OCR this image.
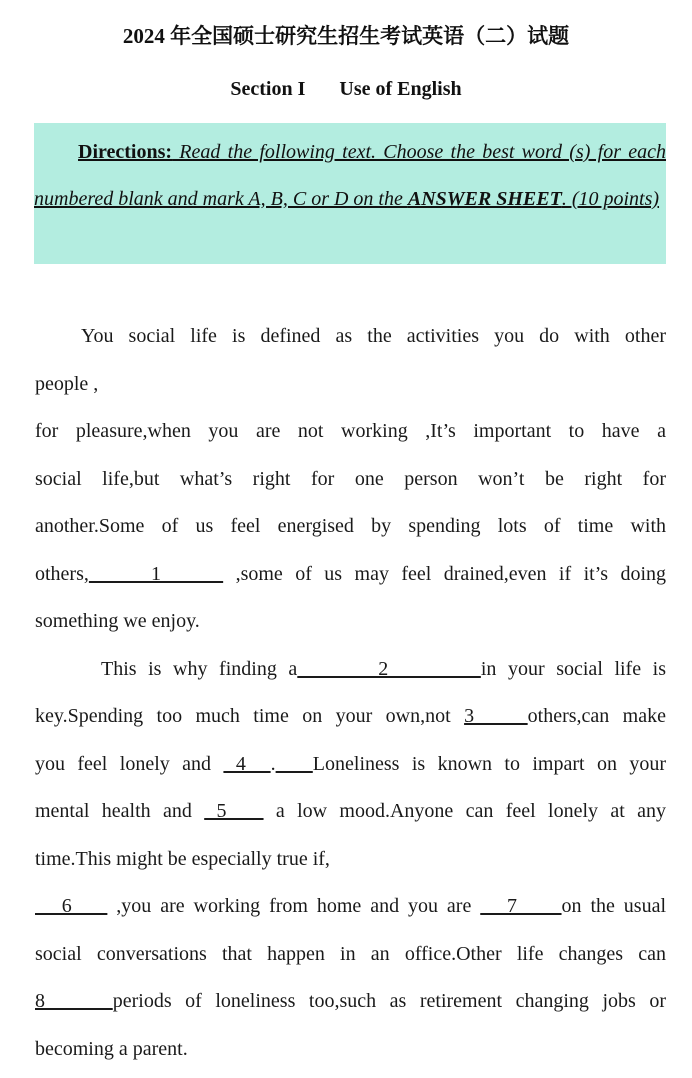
2024 年全国硕士研究生招生考试英语（二）试题
Section I Use of English
Directions: Read the following text. Choose the best word (s) for each numbered blank and mark A, B, C or D on the ANSWER SHEET. (10 points)
You social life is defined as the activities you do with other
people ,
for pleasure,when you are not working ,It’s important to have a
social life,but what’s right for one person won’t be right for
another.Some of us feel energised by spending lots of time with
others,     1      ,some of us may feel drained,even if it’s doing
something we enjoy.
This is why finding a       2        in your social life is
key.Spending too much time on your own,not 3    others,can make
you feel lonely and  4  . Loneliness is known to impart on your
mental health and  5    a low mood.Anyone can feel lonely at any
time.This might be especially true if,
6     ,you are working from home and you are    7     on the usual
social conversations that happen in an office.Other life changes can
8     periods of loneliness too,such as retirement changing jobs or
becoming a parent.
